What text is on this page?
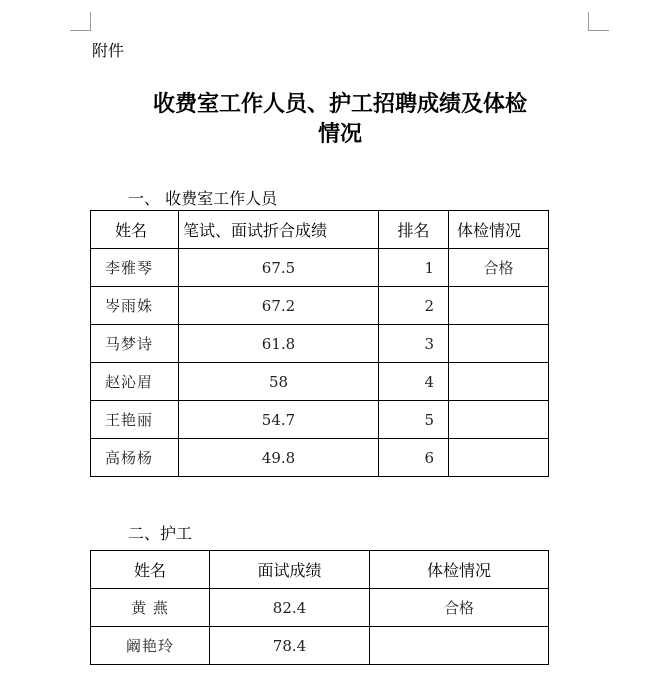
附件
收费室工作人员、护工招聘成绩及体检
情况
一、 收费室工作人员
姓名	笔试、面试折合成绩	排名	体检情况
李雅琴	67.5	1	合格
岑雨姝	67.2	2	
马梦诗	61.8	3	
赵沁眉	58	4	
王艳丽	54.7	5	
高杨杨	49.8	6	
二、护工
姓名	面试成绩	体检情况
黄 燕	82.4	合格
阚艳玲	78.4	
